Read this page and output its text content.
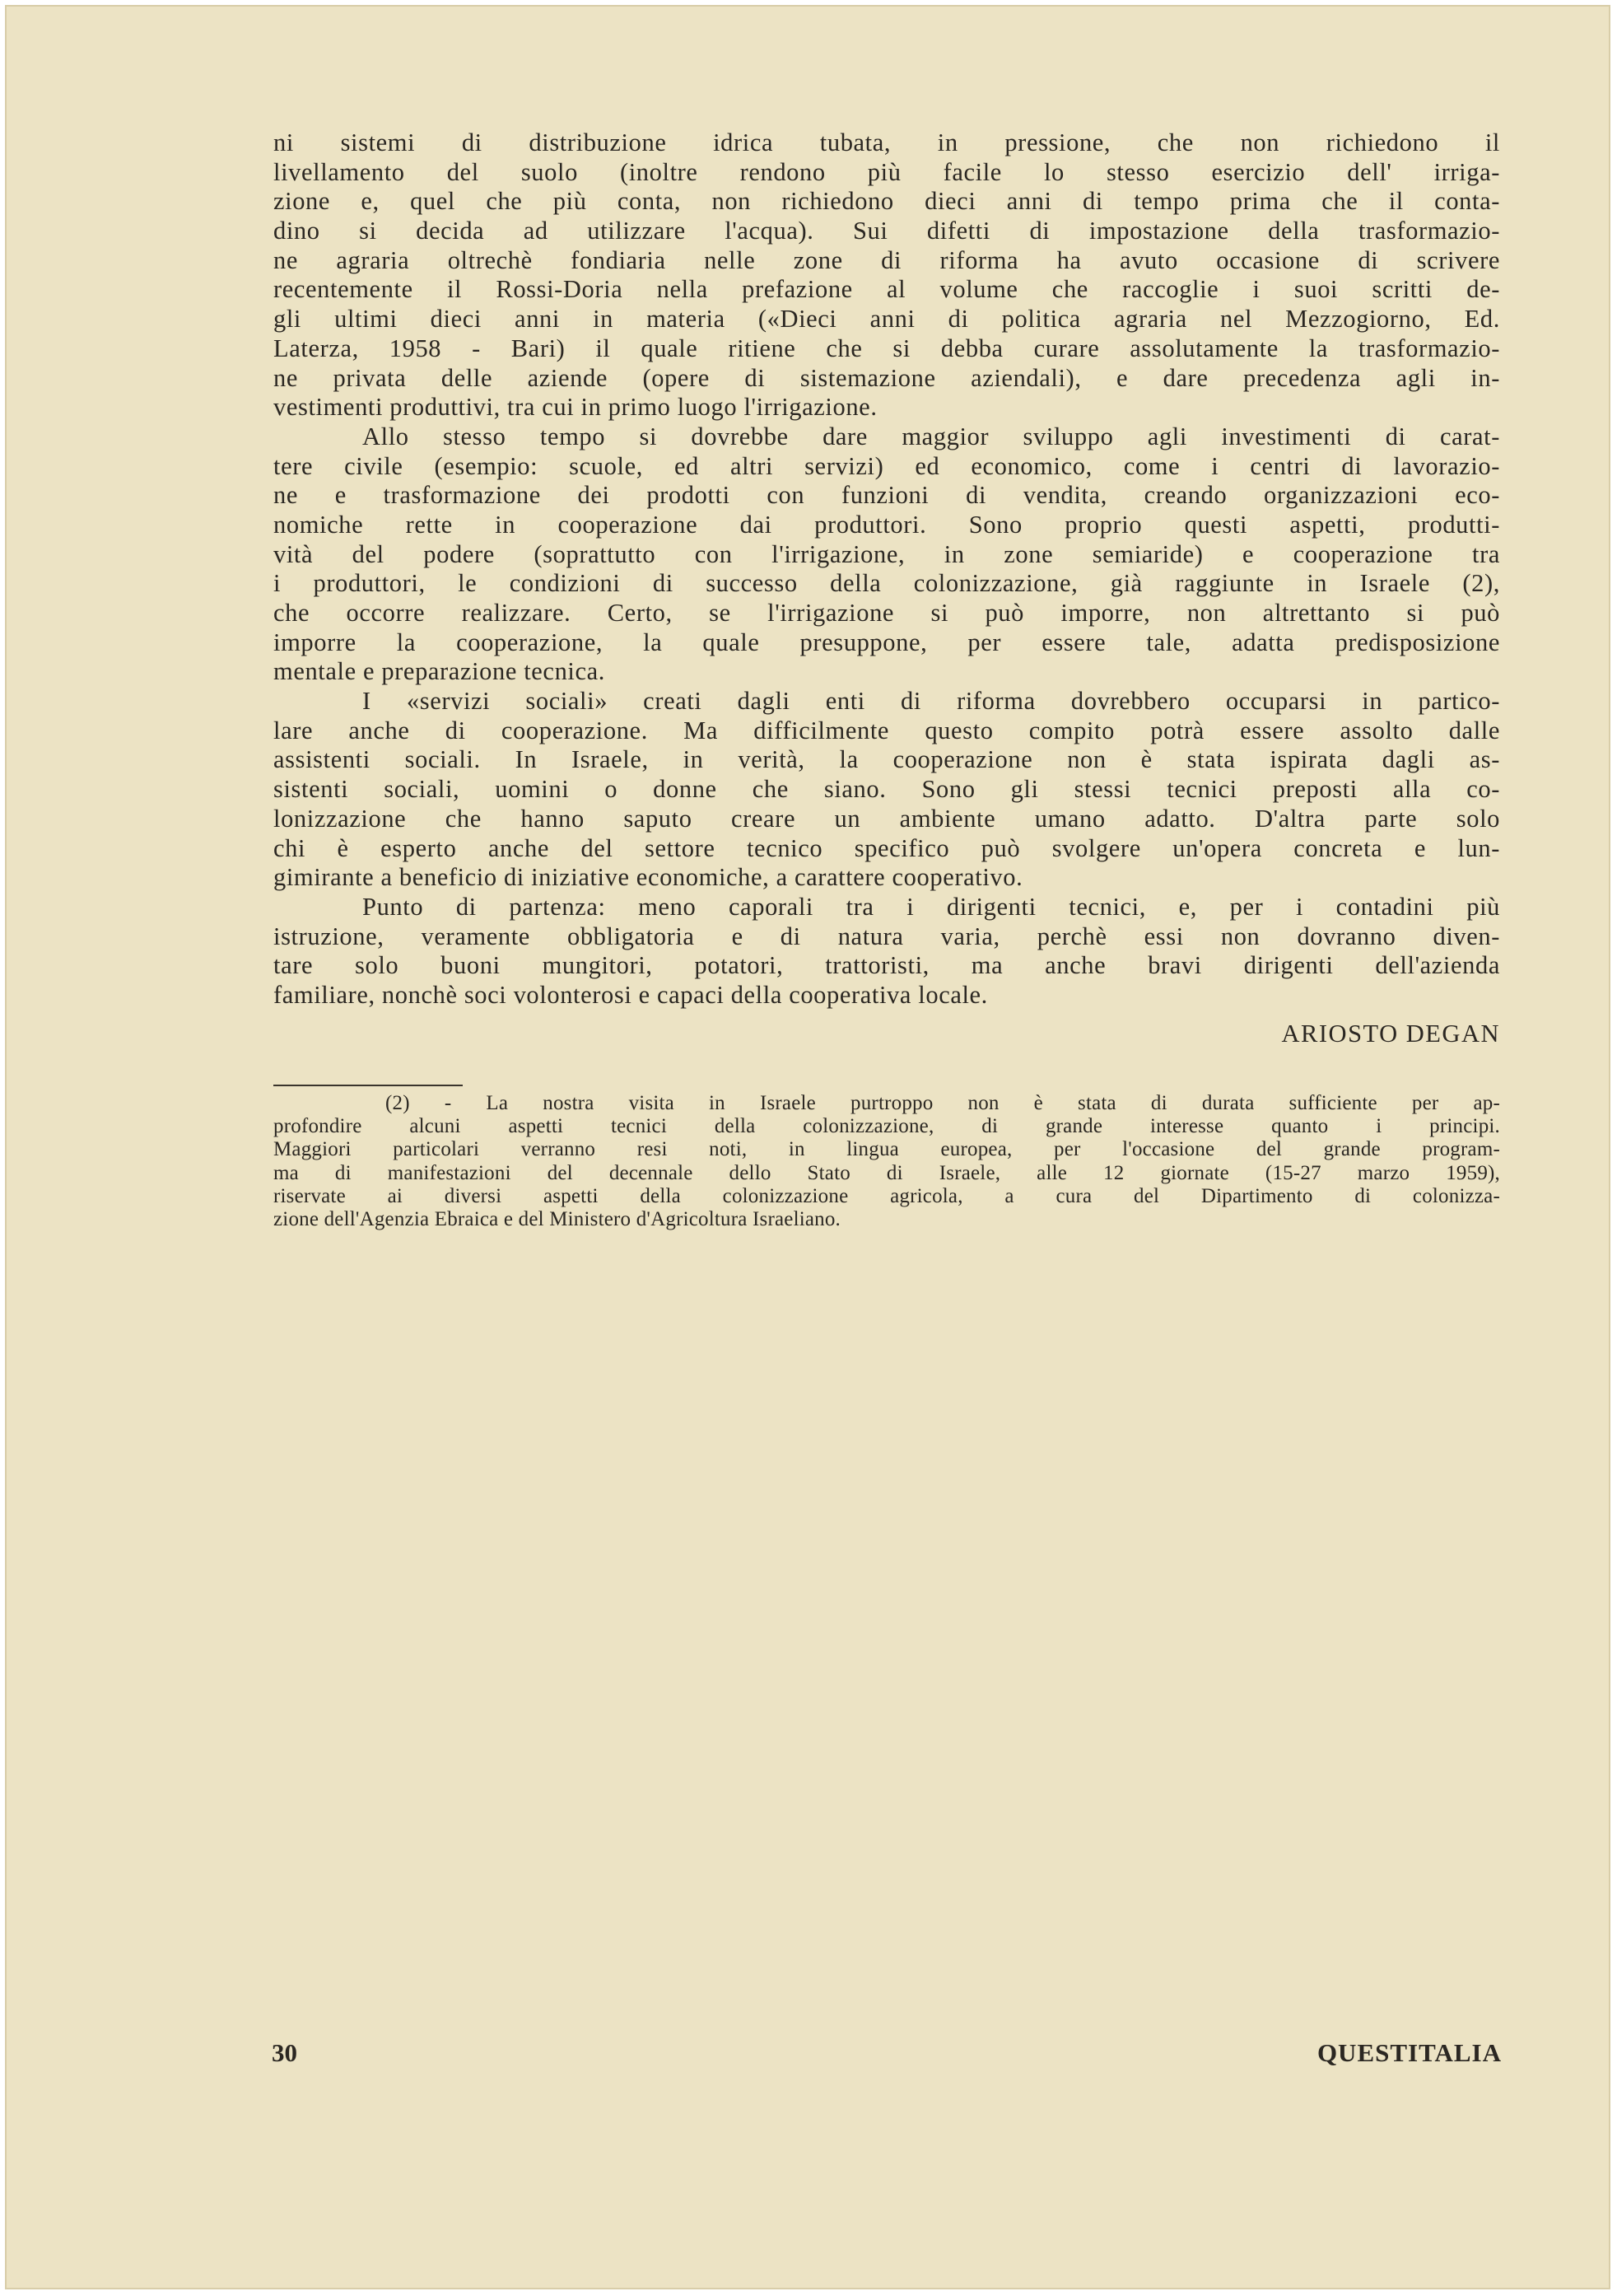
ni sistemi di distribuzione idrica tubata, in pressione, che non richiedono il
livellamento del suolo (inoltre rendono più facile lo stesso esercizio dell' irriga-
zione e, quel che più conta, non richiedono dieci anni di tempo prima che il conta-
dino si decida ad utilizzare l'acqua). Sui difetti di impostazione della trasformazio-
ne agraria oltrechè fondiaria nelle zone di riforma ha avuto occasione di scrivere
recentemente il Rossi-Doria nella prefazione al volume che raccoglie i suoi scritti de-
gli ultimi dieci anni in materia («Dieci anni di politica agraria nel Mezzogiorno, Ed.
Laterza, 1958 - Bari) il quale ritiene che si debba curare assolutamente la trasformazio-
ne privata delle aziende (opere di sistemazione aziendali), e dare precedenza agli in-
vestimenti produttivi, tra cui in primo luogo l'irrigazione.
Allo stesso tempo si dovrebbe dare maggior sviluppo agli investimenti di carat-
tere civile (esempio: scuole, ed altri servizi) ed economico, come i centri di lavorazio-
ne e trasformazione dei prodotti con funzioni di vendita, creando organizzazioni eco-
nomiche rette in cooperazione dai produttori. Sono proprio questi aspetti, produtti-
vità del podere (soprattutto con l'irrigazione, in zone semiaride) e cooperazione tra
i produttori, le condizioni di successo della colonizzazione, già raggiunte in Israele (2),
che occorre realizzare. Certo, se l'irrigazione si può imporre, non altrettanto si può
imporre la cooperazione, la quale presuppone, per essere tale, adatta predisposizione
mentale e preparazione tecnica.
I «servizi sociali» creati dagli enti di riforma dovrebbero occuparsi in partico-
lare anche di cooperazione. Ma difficilmente questo compito potrà essere assolto dalle
assistenti sociali. In Israele, in verità, la cooperazione non è stata ispirata dagli as-
sistenti sociali, uomini o donne che siano. Sono gli stessi tecnici preposti alla co-
lonizzazione che hanno saputo creare un ambiente umano adatto. D'altra parte solo
chi è esperto anche del settore tecnico specifico può svolgere un'opera concreta e lun-
gimirante a beneficio di iniziative economiche, a carattere cooperativo.
Punto di partenza: meno caporali tra i dirigenti tecnici, e, per i contadini più
istruzione, veramente obbligatoria e di natura varia, perchè essi non dovranno diven-
tare solo buoni mungitori, potatori, trattoristi, ma anche bravi dirigenti dell'azienda
familiare, nonchè soci volonterosi e capaci della cooperativa locale.
ARIOSTO DEGAN
(2) - La nostra visita in Israele purtroppo non è stata di durata sufficiente per ap-
profondire alcuni aspetti tecnici della colonizzazione, di grande interesse quanto i principi.
Maggiori particolari verranno resi noti, in lingua europea, per l'occasione del grande program-
ma di manifestazioni del decennale dello Stato di Israele, alle 12 giornate (15-27 marzo 1959),
riservate ai diversi aspetti della colonizzazione agricola, a cura del Dipartimento di colonizza-
zione dell'Agenzia Ebraica e del Ministero d'Agricoltura Israeliano.
30	QUESTITALIA
